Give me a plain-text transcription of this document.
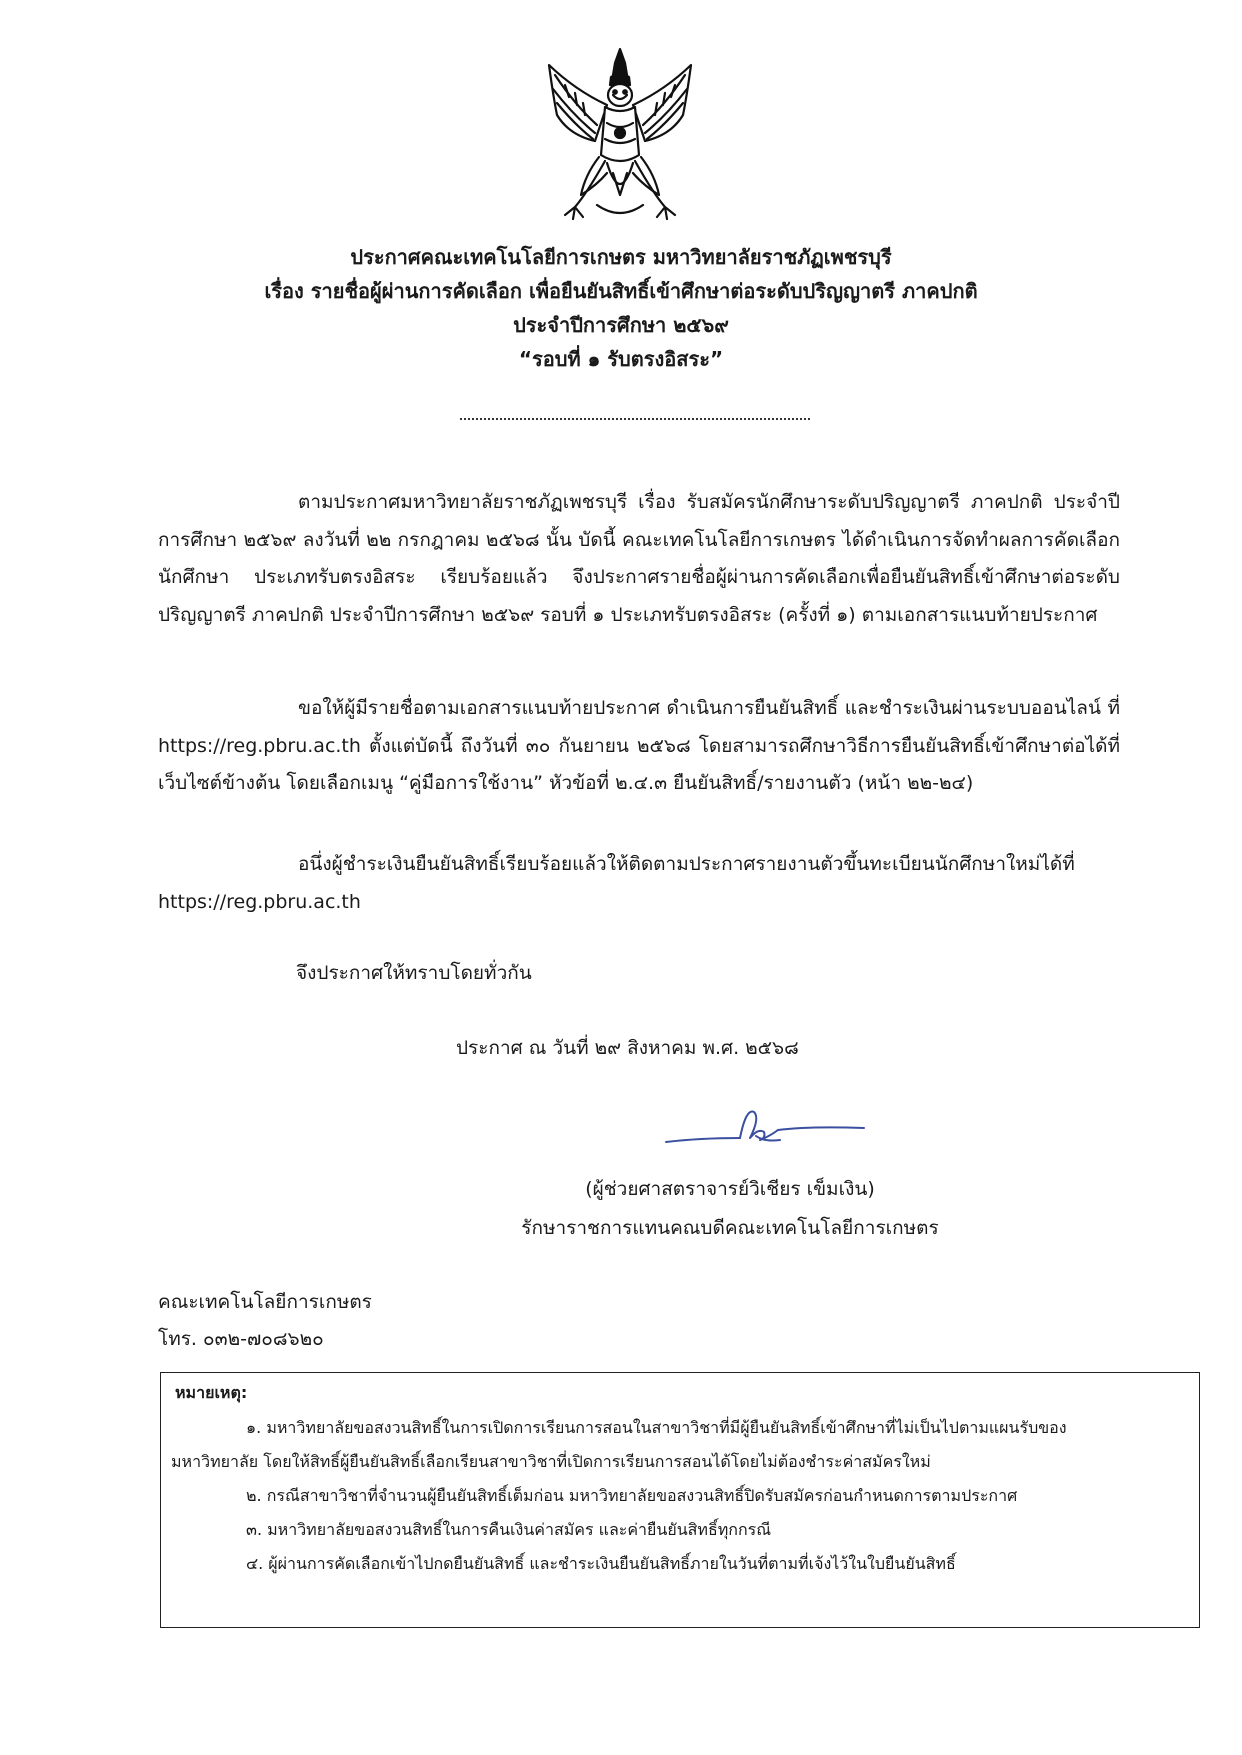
ประกาศคณะเทคโนโลยีการเกษตร มหาวิทยาลัยราชภัฏเพชรบุรี
เรื่อง รายชื่อผู้ผ่านการคัดเลือก เพื่อยืนยันสิทธิ์เข้าศึกษาต่อระดับปริญญาตรี ภาคปกติ
ประจำปีการศึกษา ๒๕๖๙
“รอบที่ ๑ รับตรงอิสระ”

ตามประกาศมหาวิทยาลัยราชภัฏเพชรบุรี เรื่อง รับสมัครนักศึกษาระดับปริญญาตรี ภาคปกติ ประจำปีการศึกษา ๒๕๖๙ ลงวันที่ ๒๒ กรกฎาคม ๒๕๖๘ นั้น บัดนี้ คณะเทคโนโลยีการเกษตร ได้ดำเนินการจัดทำผลการคัดเลือกนักศึกษา ประเภทรับตรงอิสระ เรียบร้อยแล้ว จึงประกาศรายชื่อผู้ผ่านการคัดเลือกเพื่อยืนยันสิทธิ์เข้าศึกษาต่อระดับปริญญาตรี ภาคปกติ ประจำปีการศึกษา ๒๕๖๙ รอบที่ ๑ ประเภทรับตรงอิสระ (ครั้งที่ ๑) ตามเอกสารแนบท้ายประกาศ

ขอให้ผู้มีรายชื่อตามเอกสารแนบท้ายประกาศ ดำเนินการยืนยันสิทธิ์ และชำระเงินผ่านระบบออนไลน์ ที่ https://reg.pbru.ac.th ตั้งแต่บัดนี้ ถึงวันที่ ๓๐ กันยายน ๒๕๖๘ โดยสามารถศึกษาวิธีการยืนยันสิทธิ์เข้าศึกษาต่อได้ที่เว็บไซต์ข้างต้น โดยเลือกเมนู “คู่มือการใช้งาน” หัวข้อที่ ๒.๔.๓ ยืนยันสิทธิ์/รายงานตัว (หน้า ๒๒-๒๔)

อนึ่งผู้ชำระเงินยืนยันสิทธิ์เรียบร้อยแล้วให้ติดตามประกาศรายงานตัวขึ้นทะเบียนนักศึกษาใหม่ได้ที่ https://reg.pbru.ac.th

จึงประกาศให้ทราบโดยทั่วกัน
ประกาศ ณ วันที่ ๒๙ สิงหาคม พ.ศ. ๒๕๖๘
(ผู้ช่วยศาสตราจารย์วิเชียร เข็มเงิน)
รักษาราชการแทนคณบดีคณะเทคโนโลยีการเกษตร
คณะเทคโนโลยีการเกษตร
โทร. ๐๓๒-๗๐๘๖๒๐
หมายเหตุ:
๑. มหาวิทยาลัยขอสงวนสิทธิ์ในการเปิดการเรียนการสอนในสาขาวิชาที่มีผู้ยืนยันสิทธิ์เข้าศึกษาที่ไม่เป็นไปตามแผนรับของ
มหาวิทยาลัย โดยให้สิทธิ์ผู้ยืนยันสิทธิ์เลือกเรียนสาขาวิชาที่เปิดการเรียนการสอนได้โดยไม่ต้องชำระค่าสมัครใหม่
๒. กรณีสาขาวิชาที่จำนวนผู้ยืนยันสิทธิ์เต็มก่อน มหาวิทยาลัยขอสงวนสิทธิ์ปิดรับสมัครก่อนกำหนดการตามประกาศ
๓. มหาวิทยาลัยขอสงวนสิทธิ์ในการคืนเงินค่าสมัคร และค่ายืนยันสิทธิ์ทุกกรณี
๔. ผู้ผ่านการคัดเลือกเข้าไปกดยืนยันสิทธิ์ และชำระเงินยืนยันสิทธิ์ภายในวันที่ตามที่เจ้งไว้ในใบยืนยันสิทธิ์
